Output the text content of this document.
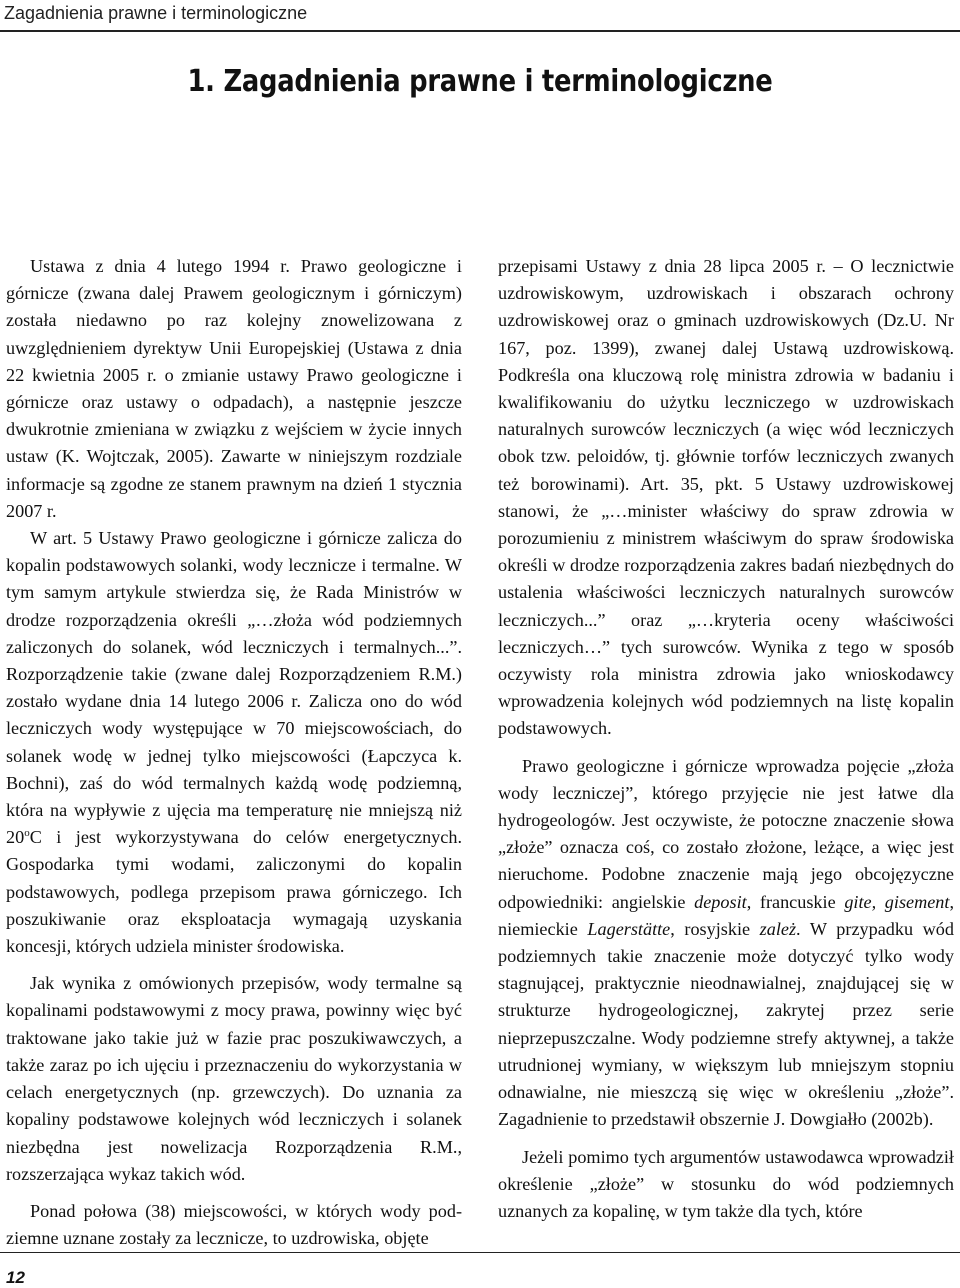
Zagadnienia prawne i terminologiczne
1. Zagadnienia prawne i terminologiczne

Ustawa z dnia 4 lutego 1994 r. Prawo geologiczne i górnicze (zwana dalej Prawem geologicznym i górniczym) została niedawno po raz kolejny znowelizowana z uwzględnieniem dyrektyw Unii Europejskiej (Ustawa z dnia 22 kwietnia 2005 r. o zmianie ustawy Prawo geologiczne i górnicze oraz ustawy o odpadach), a następnie jeszcze dwukrotnie zmieniana w związku z wejściem w życie innych ustaw (K. Wojtczak, 2005). Zawarte w niniejszym rozdziale informacje są zgodne ze stanem prawnym na dzień 1 stycznia 2007 r.

W art. 5 Ustawy Prawo geologiczne i górnicze zalicza do kopalin podstawowych solanki, wody lecznicze i termalne. W tym samym artykule stwierdza się, że Rada Ministrów w drodze rozporządzenia określi „…złoża wód podziemnych zaliczonych do solanek, wód leczniczych i termalnych...”. Rozporządzenie takie (zwane dalej Rozporządzeniem R.M.) zostało wydane dnia 14 lutego 2006 r. Zalicza ono do wód leczniczych wody występujące w 70 miejscowościach, do solanek wodę w jednej tylko miejscowości (Łapczyca k. Bochni), zaś do wód termalnych każdą wodę podziemną, która na wypływie z ujęcia ma temperaturę nie mniejszą niż 20$^o$C i jest wykorzystywana do celów energetycznych. Gospodarka tymi wodami, zaliczonymi do kopalin podstawowych, podlega przepisom prawa górniczego. Ich poszukiwanie oraz eksploatacja wymagają uzyskania koncesji, których udziela minister środowiska.

Jak wynika z omówionych przepisów, wody termalne są kopalinami podstawowymi z mocy prawa, powinny więc być traktowane jako takie już w fazie prac poszukiwawczych, a także zaraz po ich ujęciu i przeznaczeniu do wykorzystania w celach energetycznych (np. grzewczych). Do uznania za kopaliny podstawowe kolejnych wód leczniczych i solanek niezbędna jest nowelizacja Rozporządzenia R.M., rozszerzająca wykaz takich wód.

Ponad połowa (38) miejscowości, w których wody podziemne uznane zostały za lecznicze, to uzdrowiska, objęte

przepisami Ustawy z dnia 28 lipca 2005 r. – O lecznictwie uzdrowiskowym, uzdrowiskach i obszarach ochrony uzdrowiskowej oraz o gminach uzdrowiskowych (Dz.U. Nr 167, poz. 1399), zwanej dalej Ustawą uzdrowiskową. Podkreśla ona kluczową rolę ministra zdrowia w badaniu i kwalifikowaniu do użytku leczniczego w uzdrowiskach naturalnych surowców leczniczych (a więc wód leczniczych obok tzw. peloidów, tj. głównie torfów leczniczych zwanych też borowinami). Art. 35, pkt. 5 Ustawy uzdrowiskowej stanowi, że „…minister właściwy do spraw zdrowia w porozumieniu z ministrem właściwym do spraw środowiska określi w drodze rozporządzenia zakres badań niezbędnych do ustalenia właściwości leczniczych naturalnych surowców leczniczych...” oraz „…kryteria oceny właściwości leczniczych…” tych surowców. Wynika z tego w sposób oczywisty rola ministra zdrowia jako wnioskodawcy wprowadzenia kolejnych wód podziemnych na listę kopalin podstawowych.

Prawo geologiczne i górnicze wprowadza pojęcie „złoża wody leczniczej”, którego przyjęcie nie jest łatwe dla hydrogeologów. Jest oczywiste, że potoczne znaczenie słowa „złoże” oznacza coś, co zostało złożone, leżące, a więc jest nieruchome. Podobne znaczenie mają jego obcojęzyczne odpowiedniki: angielskie deposit, francuskie gite, gisement, niemieckie Lagerstätte, rosyjskie zależ. W przypadku wód podziemnych takie znaczenie może dotyczyć tylko wody stagnującej, praktycznie nieodnawialnej, znajdującej się w strukturze hydrogeologicznej, zakrytej przez serie nieprzepuszczalne. Wody podziemne strefy aktywnej, a także utrudnionej wymiany, w większym lub mniejszym stopniu odnawialne, nie mieszczą się więc w określeniu „złoże”. Zagadnienie to przedstawił obszernie J. Dowgiałło (2002b).

Jeżeli pomimo tych argumentów ustawodawca wprowadził określenie „złoże” w stosunku do wód podziemnych uznanych za kopalinę, w tym także dla tych, które

12
